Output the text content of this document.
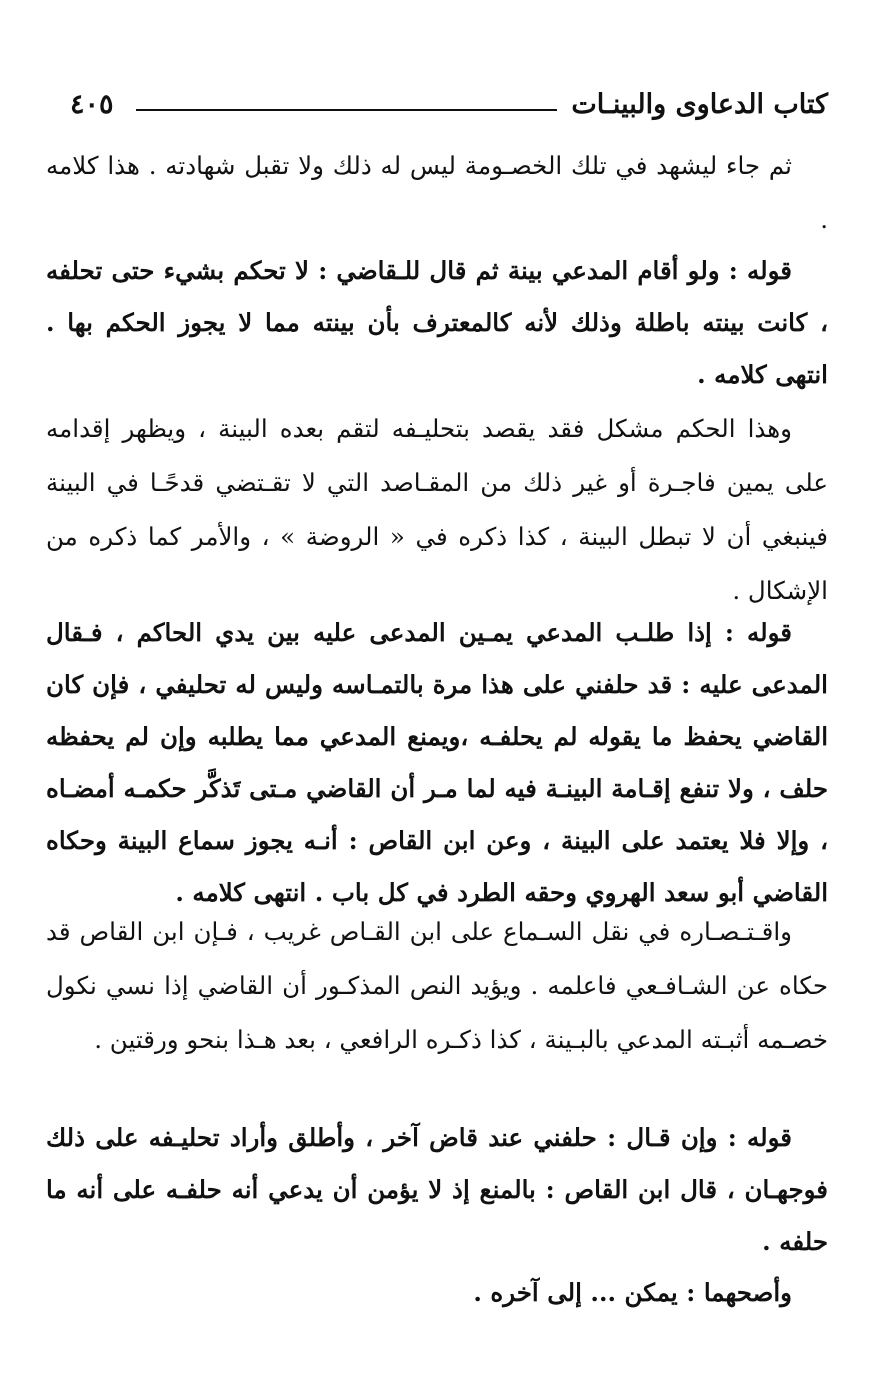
كتاب الدعاوى والبينـات
٤٠٥

ثم جاء ليشهد في تلك الخصـومة ليس له ذلك ولا تقبل شهادته . هذا كلامه .

قوله : ولو أقام المدعي بينة ثم قال للـقاضي : لا تحكم بشيء حتى تحلفه ، كانت بينته باطلة وذلك لأنه كالمعترف بأن بينته مما لا يجوز الحكم بها . انتهى كلامه .

وهذا الحكم مشكل فقد يقصد بتحليـفه لتقم بعده البينة ، ويظهر إقدامه على يمين فاجـرة أو غير ذلك من المقـاصد التي لا تقـتضي قدحًـا في البينة فينبغي أن لا تبطل البينة ، كذا ذكره في « الروضة » ، والأمر كما ذكره من الإشكال .

قوله : إذا طلـب المدعي يمـين المدعى عليه بين يدي الحاكم ، فـقال المدعى عليه : قد حلفني على هذا مرة بالتمـاسه وليس له تحليفي ، فإن كان القاضي يحفظ ما يقوله لم يحلفـه ،ويمنع المدعي مما يطلبه وإن لم يحفظه حلف ، ولا تنفع إقـامة البينـة فيه لما مـر أن القاضي مـتى تَذكَّر حكمـه أمضـاه ، وإلا فلا يعتمد على البينة ، وعن ابن القاص : أنـه يجوز سماع البينة وحكاه القاضي أبو سعد الهروي وحقه الطرد في كل باب . انتهى كلامه .

واقـتـصـاره في نقل السـماع على ابن القـاص غريب ، فـإن ابن القاص قد حكاه عن الشـافـعي فاعلمه . ويؤيد النص المذكـور أن القاضي إذا نسي نكول خصـمه أثبـته المدعي بالبـينة ، كذا ذكـره الرافعي ، بعد هـذا بنحو ورقتين .

قوله : وإن قـال : حلفني عند قاض آخر ، وأطلق وأراد تحليـفه على ذلك فوجهـان ، قال ابن القاص : بالمنع إذ لا يؤمن أن يدعي أنه حلفـه على أنه ما حلفه .

وأصحهما : يمكن ... إلى آخره .
